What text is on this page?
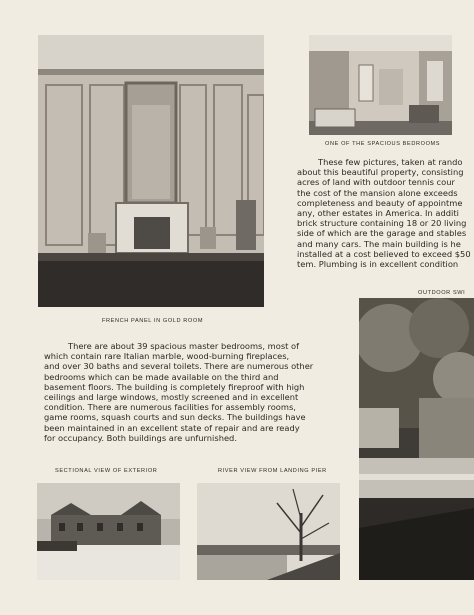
FRENCH PANEL IN GOLD ROOM
ONE OF THE SPACIOUS BEDROOMS
These few pictures, taken at rando
about this beautiful property, consisting
acres of land with outdoor tennis cour
the cost of the mansion alone exceeds
completeness and beauty of appointme
any, other estates in America. In additi
brick structure containing 18 or 20 living
side of which are the garage and stables
and many cars. The main building is he
installed at a cost believed to exceed $50
tem. Plumbing is in excellent condition
OUTDOOR SWI
There are about 39 spacious master bedrooms, most of
which contain rare Italian marble, wood-burning fireplaces,
and over 30 baths and several toilets. There are numerous other
bedrooms which can be made available on the third and
basement floors. The building is completely fireproof with high
ceilings and large windows, mostly screened and in excellent
condition. There are numerous facilities for assembly rooms,
game rooms, squash courts and sun decks. The buildings have
been maintained in an excellent state of repair and are ready
for occupancy. Both buildings are unfurnished.
SECTIONAL VIEW OF EXTERIOR	RIVER VIEW FROM LANDING PIER
